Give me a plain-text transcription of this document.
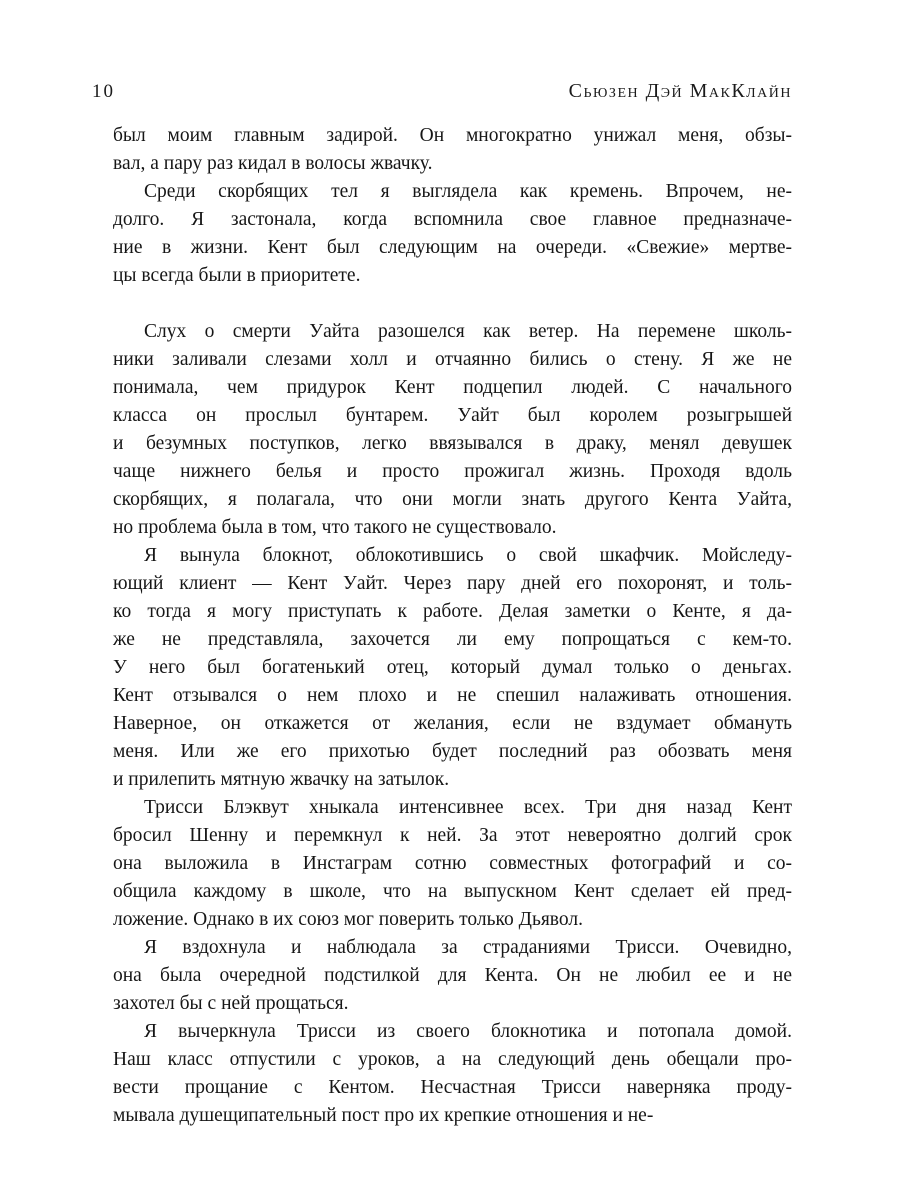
10	Сьюзен Дэй МакКлайн
был моим главным задирой. Он многократно унижал меня, обзы-
вал, а пару раз кидал в волосы жвачку.
Среди скорбящих тел я выглядела как кремень. Впрочем, не-
долго. Я застонала, когда вспомнила свое главное предназначе-
ние в жизни. Кент был следующим на очереди. «Свежие» мертве-
цы всегда были в приоритете.
Слух о смерти Уайта разошелся как ветер. На перемене школь-
ники заливали слезами холл и отчаянно бились о стену. Я же не
понимала, чем придурок Кент подцепил людей. С начального
класса он прослыл бунтарем. Уайт был королем розыгрышей
и безумных поступков, легко ввязывался в драку, менял девушек
чаще нижнего белья и просто прожигал жизнь. Проходя вдоль
скорбящих, я полагала, что они могли знать другого Кента Уайта,
но проблема была в том, что такого не существовало.
Я вынула блокнот, облокотившись о свой шкафчик. Мойследу-
ющий клиент — Кент Уайт. Через пару дней его похоронят, и толь-
ко тогда я могу приступать к работе. Делая заметки о Кенте, я да-
же не представляла, захочется ли ему попрощаться с кем-то.
У него был богатенький отец, который думал только о деньгах.
Кент отзывался о нем плохо и не спешил налаживать отношения.
Наверное, он откажется от желания, если не вздумает обмануть
меня. Или же его прихотью будет последний раз обозвать меня
и прилепить мятную жвачку на затылок.
Трисси Блэквут хныкала интенсивнее всех. Три дня назад Кент
бросил Шенну и перемкнул к ней. За этот невероятно долгий срок
она выложила в Инстаграм сотню совместных фотографий и со-
общила каждому в школе, что на выпускном Кент сделает ей пред-
ложение. Однако в их союз мог поверить только Дьявол.
Я вздохнула и наблюдала за страданиями Трисси. Очевидно,
она была очередной подстилкой для Кента. Он не любил ее и не
захотел бы с ней прощаться.
Я вычеркнула Трисси из своего блокнотика и потопала домой.
Наш класс отпустили с уроков, а на следующий день обещали про-
вести прощание с Кентом. Несчастная Трисси наверняка проду-
мывала душещипательный пост про их крепкие отношения и не-
